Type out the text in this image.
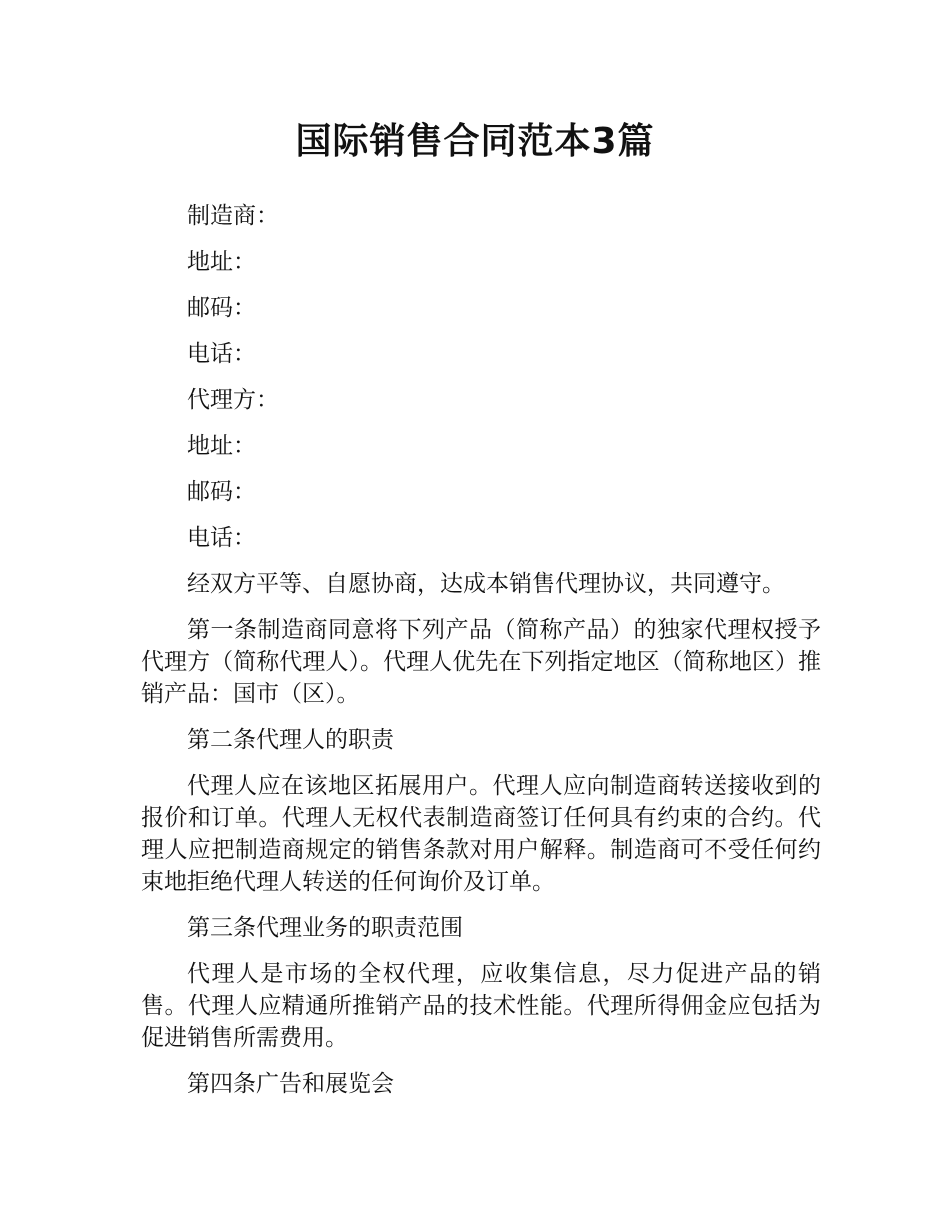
国际销售合同范本3篇

制造商：

地址：

邮码：

电话：

代理方：

地址：

邮码：

电话：

经双方平等、自愿协商，达成本销售代理协议，共同遵守。

第一条制造商同意将下列产品（简称产品）的独家代理权授予代理方（简称代理人）。代理人优先在下列指定地区（简称地区）推销产品：国市（区）。

第二条代理人的职责

代理人应在该地区拓展用户。代理人应向制造商转送接收到的报价和订单。代理人无权代表制造商签订任何具有约束的合约。代理人应把制造商规定的销售条款对用户解释。制造商可不受任何约束地拒绝代理人转送的任何询价及订单。

第三条代理业务的职责范围

代理人是市场的全权代理，应收集信息，尽力促进产品的销售。代理人应精通所推销产品的技术性能。代理所得佣金应包括为促进销售所需费用。

第四条广告和展览会
